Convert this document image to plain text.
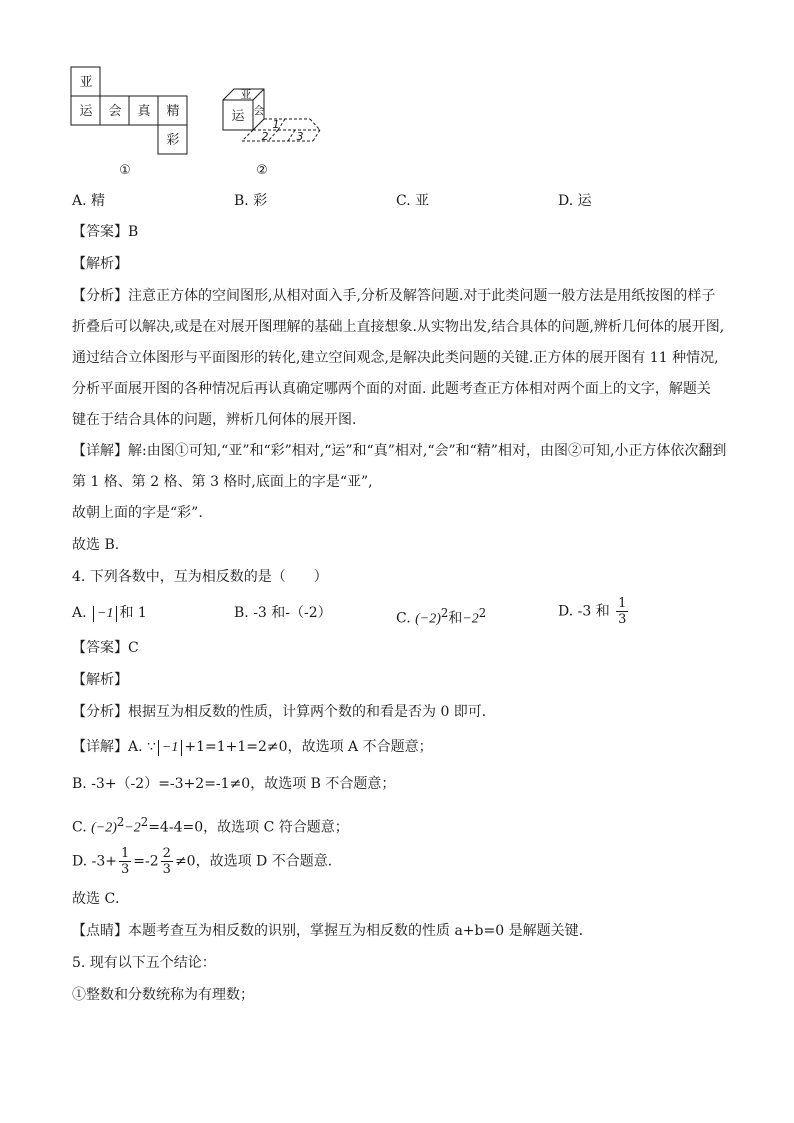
亚
运 会 真 精
彩
①
运
亚
会
1
2	3
②
A. 精	B. 彩	C. 亚	D. 运
【答案】B
【解析】
【分析】注意正方体的空间图形,从相对面入手,分析及解答问题.对于此类问题一般方法是用纸按图的样子
折叠后可以解决,或是在对展开图理解的基础上直接想象.从实物出发,结合具体的问题,辨析几何体的展开图,
通过结合立体图形与平面图形的转化,建立空间观念,是解决此类问题的关键.正方体的展开图有 11 种情况,
分析平面展开图的各种情况后再认真确定哪两个面的对面. 此题考查正方体相对两个面上的文字，解题关
键在于结合具体的问题，辨析几何体的展开图.
【详解】解:由图①可知,“亚”和“彩”相对,“运”和“真”相对,“会”和“精”相对，由图②可知,小正方体依次翻到
第 1 格、第 2 格、第 3 格时,底面上的字是“亚”,
故朝上面的字是“彩”.
故选 B.
4. 下列各数中，互为相反数的是（　　）
A. −1 和 1	B. -3 和-（-2）	C. $(-2)^2$和$-2^2$	D. -3 和 $\frac{1}{3}$
【答案】C
【解析】
【分析】根据互为相反数的性质，计算两个数的和看是否为 0 即可．
【详解】A. ∵ −1 +1=1+1=2≠0，故选项 A 不合题意；
B. -3+（-2）=-3+2=-1≠0，故选项 B 不合题意；
C. $(-2)^2-2^2=4-4=0$，故选项 C 符合题意；
D. $-3+ \frac{1}{3} =-2 \frac{2}{3} \ne 0$，故选项 D 不合题意．
故选 C．
【点睛】本题考查互为相反数的识别，掌握互为相反数的性质 a+b=0 是解题关键．
5. 现有以下五个结论：
①整数和分数统称为有理数；
